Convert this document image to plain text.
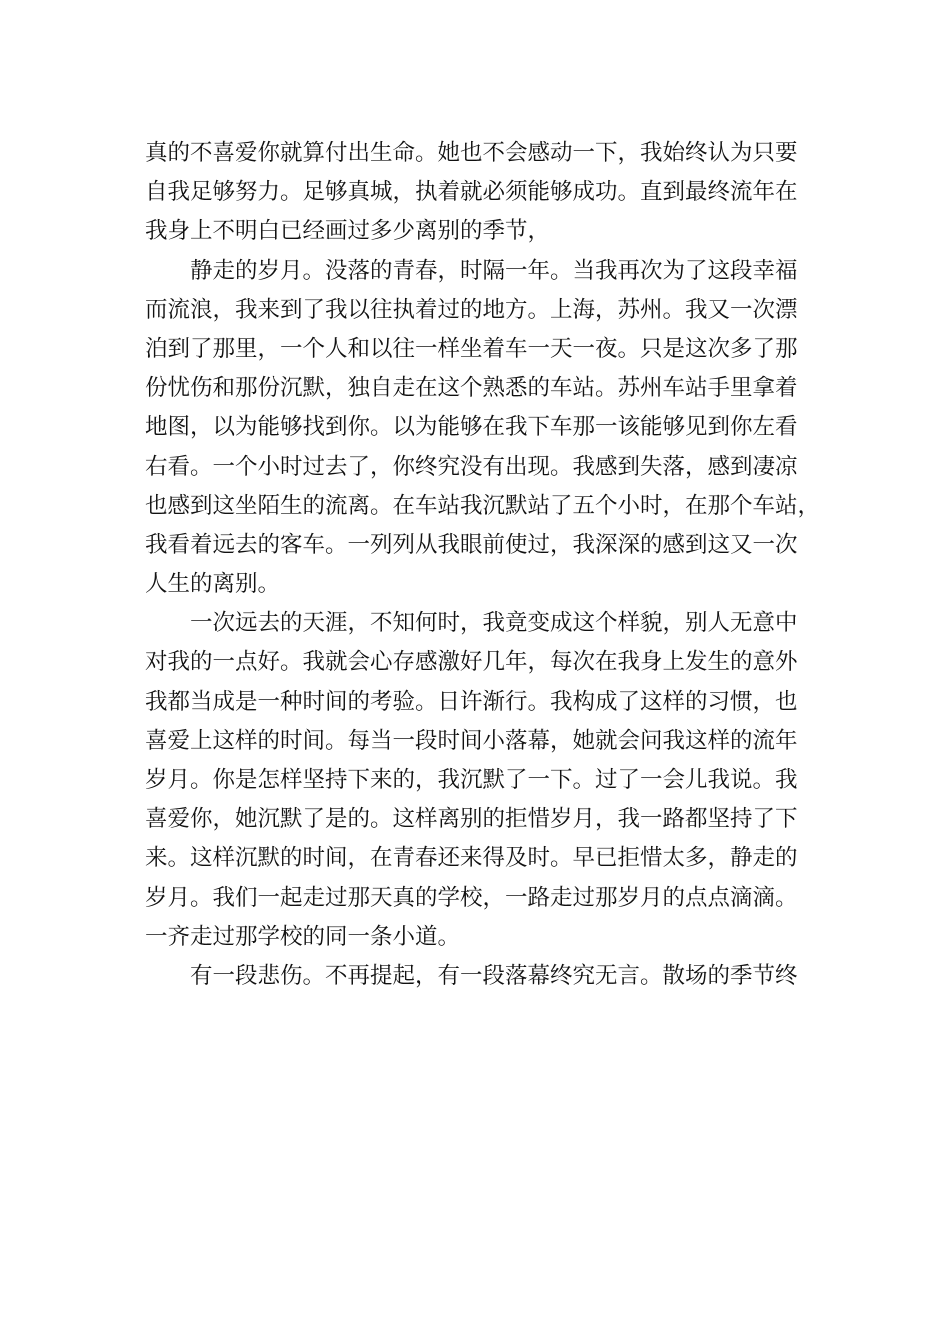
真的不喜爱你就算付出生命。她也不会感动一下，我始终认为只要
自我足够努力。足够真城，执着就必须能够成功。直到最终流年在
我身上不明白已经画过多少离别的季节，
静走的岁月。没落的青春，时隔一年。当我再次为了这段幸福
而流浪，我来到了我以往执着过的地方。上海，苏州。我又一次漂
泊到了那里，一个人和以往一样坐着车一天一夜。只是这次多了那
份忧伤和那份沉默，独自走在这个熟悉的车站。苏州车站手里拿着
地图，以为能够找到你。以为能够在我下车那一该能够见到你左看
右看。一个小时过去了，你终究没有出现。我感到失落，感到凄凉
也感到这坐陌生的流离。在车站我沉默站了五个小时，在那个车站，
我看着远去的客车。一列列从我眼前使过，我深深的感到这又一次
人生的离别。
一次远去的天涯，不知何时，我竟变成这个样貌，别人无意中
对我的一点好。我就会心存感激好几年，每次在我身上发生的意外
我都当成是一种时间的考验。日许渐行。我构成了这样的习惯，也
喜爱上这样的时间。每当一段时间小落幕，她就会问我这样的流年
岁月。你是怎样坚持下来的，我沉默了一下。过了一会儿我说。我
喜爱你，她沉默了是的。这样离别的拒惜岁月，我一路都坚持了下
来。这样沉默的时间，在青春还来得及时。早已拒惜太多，静走的
岁月。我们一起走过那天真的学校，一路走过那岁月的点点滴滴。
一齐走过那学校的同一条小道。
有一段悲伤。不再提起，有一段落幕终究无言。散场的季节终
